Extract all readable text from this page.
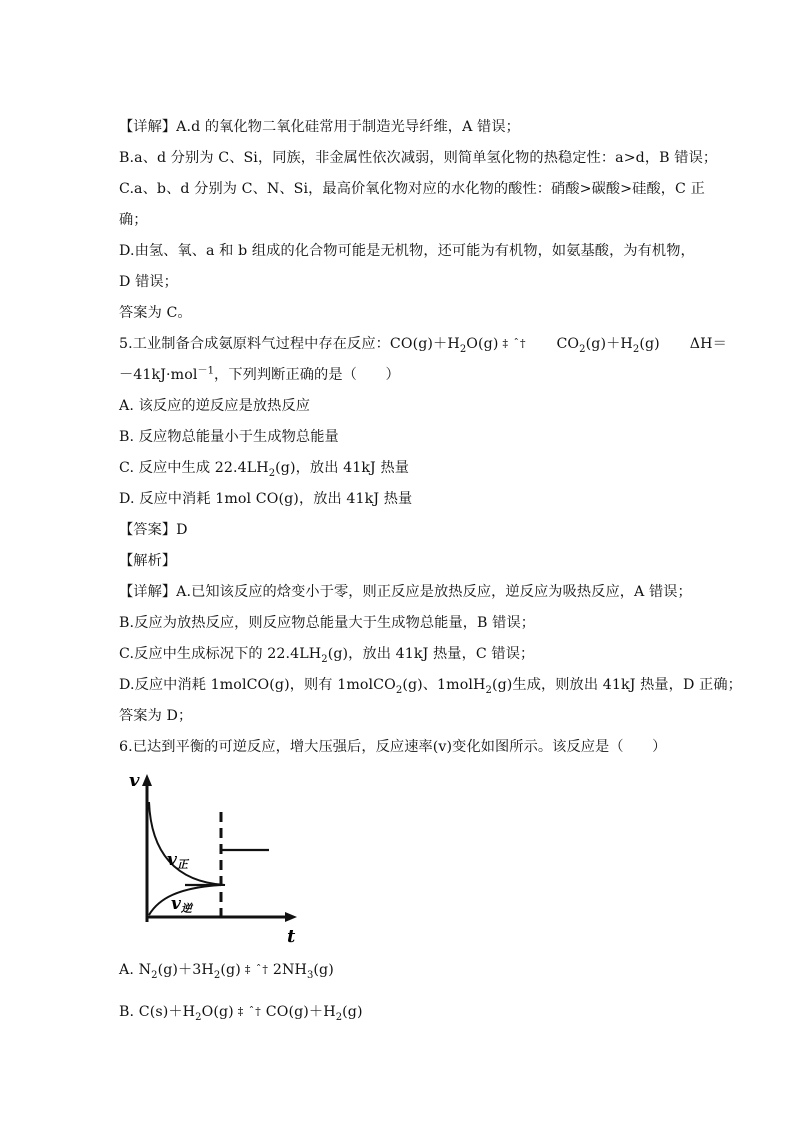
【详解】A.d 的氧化物二氧化硅常用于制造光导纤维，A 错误；
B.a、d 分别为 C、Si，同族，非金属性依次减弱，则简单氢化物的热稳定性：a>d，B 错误；
C.a、b、d 分别为 C、N、Si，最高价氧化物对应的水化物的酸性：硝酸>碳酸>硅酸，C 正
确；
D.由氢、氧、a 和 b 组成的化合物可能是无机物，还可能为有机物，如氨基酸，为有机物，
D 错误；
答案为 C。
5.工业制备合成氨原料气过程中存在反应：$CO(g)+H_2O(g)$ ‡ ˆ† $CO_2(g)+H_2(g)$ ΔH＝
－41kJ·mol$^{-1}$，下列判断正确的是（　　）
A. 该反应的逆反应是放热反应
B. 反应物总能量小于生成物总能量
C. 反应中生成 $22.4LH_2(g)$，放出 41kJ 热量
D. 反应中消耗 1mol CO(g)，放出 41kJ 热量
【答案】D
【解析】
【详解】A.已知该反应的焓变小于零，则正反应是放热反应，逆反应为吸热反应，A 错误；
B.反应为放热反应，则反应物总能量大于生成物总能量，B 错误；
C.反应中生成标况下的 $22.4LH_2(g)$，放出 41kJ 热量，C 错误；
D.反应中消耗 1molCO(g)，则有 1molCO$_2$(g)、1molH$_2$(g)生成，则放出 41kJ 热量，D 正确；
答案为 D；
6.已达到平衡的可逆反应，增大压强后，反应速率(v)变化如图所示。该反应是（　　）
v
t
v正
v逆
A. $N_2(g)+3H_2(g)$ ‡ ˆ† $2NH_3(g)$
B. $C(s)+H_2O(g)$ ‡ ˆ† $CO(g)+H_2(g)$
